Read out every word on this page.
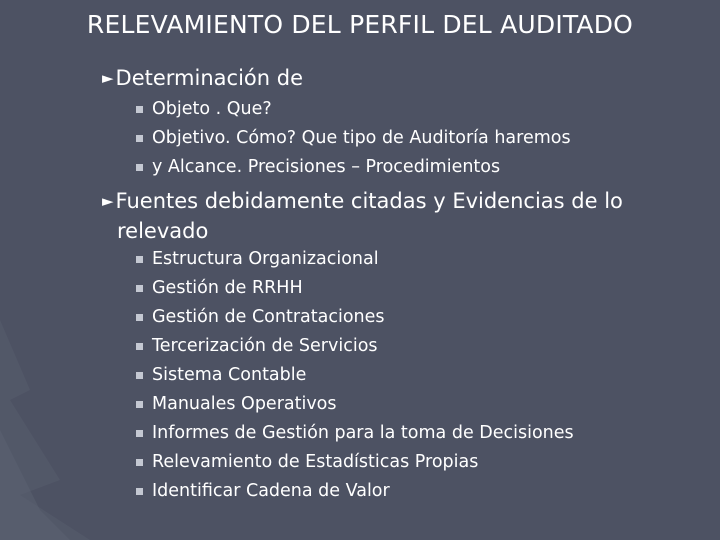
RELEVAMIENTO DEL PERFIL DEL AUDITADO
►Determinación de
Objeto . Que?
Objetivo. Cómo? Que tipo de Auditoría haremos
y Alcance. Precisiones – Procedimientos
►Fuentes debidamente citadas y Evidencias de lo
relevado
Estructura Organizacional
Gestión de RRHH
Gestión de Contrataciones
Tercerización de Servicios
Sistema Contable
Manuales Operativos
Informes de Gestión para la toma de Decisiones
Relevamiento de Estadísticas Propias
Identificar Cadena de Valor
